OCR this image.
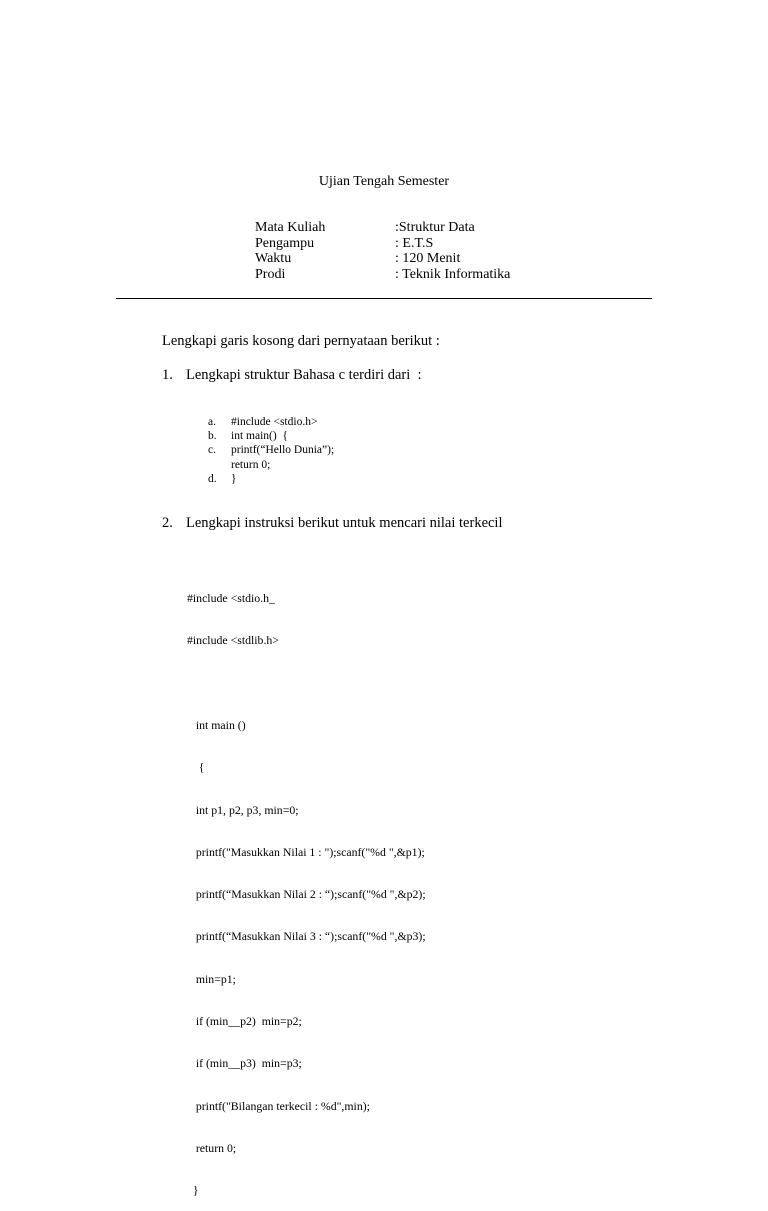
Ujian Tengah Semester
Mata Kuliah	:Struktur Data
Pengampu	: E.T.S
Waktu	: 120 Menit
Prodi	: Teknik Informatika
Lengkapi garis kosong dari pernyataan berikut :
1. Lengkapi struktur Bahasa c terdiri dari  :
a.	#include <stdio.h>
b.	int main()  {
c.	printf(“Hello Dunia”);
return 0;
d.	}
2. Lengkapi instruksi berikut untuk mencari nilai terkecil

#include <stdio.h_

#include <stdlib.h>

int main ()

{

int p1, p2, p3, min=0;

printf("Masukkan Nilai 1 : ");scanf("%d ",&p1);

printf(“Masukkan Nilai 2 : “);scanf("%d ",&p2);

printf(“Masukkan Nilai 3 : “);scanf("%d ",&p3);

min=p1;

if (min__p2)  min=p2;

if (min__p3)  min=p3;

printf("Bilangan terkecil : %d",min);

return 0;

}
